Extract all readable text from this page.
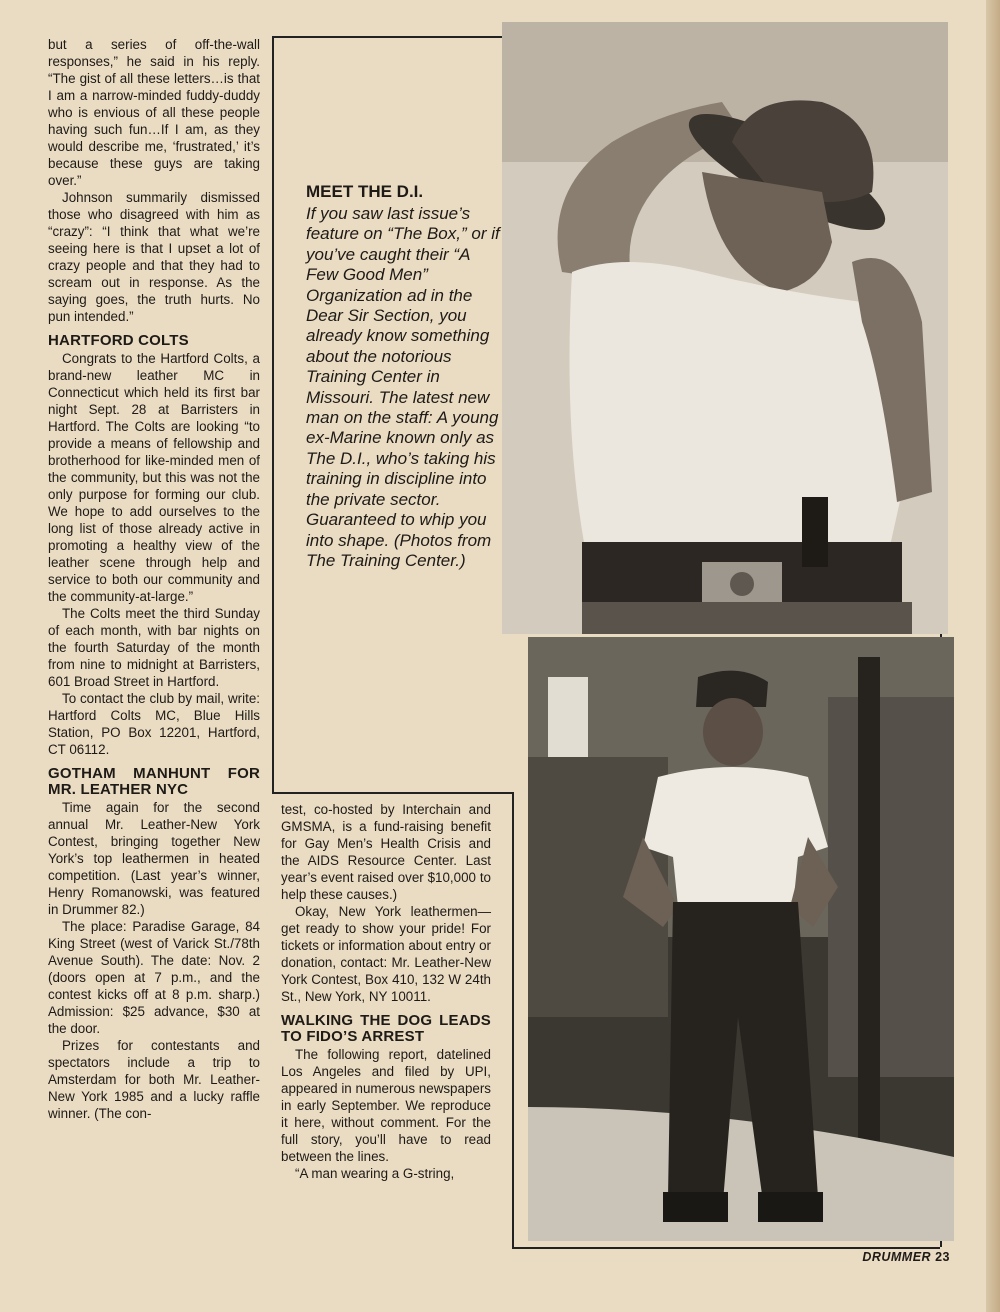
but a series of off-the-wall responses,” he said in his reply. “The gist of all these letters…is that I am a narrow-minded fuddy-duddy who is envious of all these people having such fun…If I am, as they would describe me, ‘frustrated,’ it’s because these guys are taking over.”

Johnson summarily dismissed those who disagreed with him as “crazy”: “I think that what we’re seeing here is that I upset a lot of crazy people and that they had to scream out in response. As the saying goes, the truth hurts. No pun intended.”

HARTFORD COLTS

Congrats to the Hartford Colts, a brand-new leather MC in Connecticut which held its first bar night Sept. 28 at Barristers in Hartford. The Colts are looking “to provide a means of fellowship and brotherhood for like-minded men of the community, but this was not the only purpose for forming our club. We hope to add ourselves to the long list of those already active in promoting a healthy view of the leather scene through help and service to both our community and the community-at-large.”

The Colts meet the third Sunday of each month, with bar nights on the fourth Saturday of the month from nine to midnight at Barristers, 601 Broad Street in Hartford.

To contact the club by mail, write: Hartford Colts MC, Blue Hills Station, PO Box 12201, Hartford, CT 06112.

GOTHAM MANHUNT FOR MR. LEATHER NYC

Time again for the second annual Mr. Leather-New York Contest, bringing together New York’s top leathermen in heated competition. (Last year’s winner, Henry Romanowski, was featured in Drummer 82.)

The place: Paradise Garage, 84 King Street (west of Varick St./78th Avenue South). The date: Nov. 2 (doors open at 7 p.m., and the contest kicks off at 8 p.m. sharp.) Admission: $25 advance, $30 at the door.

Prizes for contestants and spectators include a trip to Amsterdam for both Mr. Leather-New York 1985 and a lucky raffle winner. (The con-

MEET THE D.I.
If you saw last issue’s feature on “The Box,” or if you’ve caught their “A Few Good Men” Organization ad in the Dear Sir Section, you already know something about the notorious Training Center in Missouri. The latest new man on the staff: A young ex-Marine known only as The D.I., who’s taking his training in discipline into the private sector. Guaranteed to whip you into shape. (Photos from The Training Center.)

test, co-hosted by Interchain and GMSMA, is a fund-raising benefit for Gay Men’s Health Crisis and the AIDS Resource Center. Last year’s event raised over $10,000 to help these causes.)

Okay, New York leathermen—get ready to show your pride! For tickets or information about entry or donation, contact: Mr. Leather-New York Contest, Box 410, 132 W 24th St., New York, NY 10011.

WALKING THE DOG LEADS TO FIDO’S ARREST

The following report, datelined Los Angeles and filed by UPI, appeared in numerous newspapers in early September. We reproduce it here, without comment. For the full story, you’ll have to read between the lines.

“A man wearing a G-string,

DRUMMER 23
